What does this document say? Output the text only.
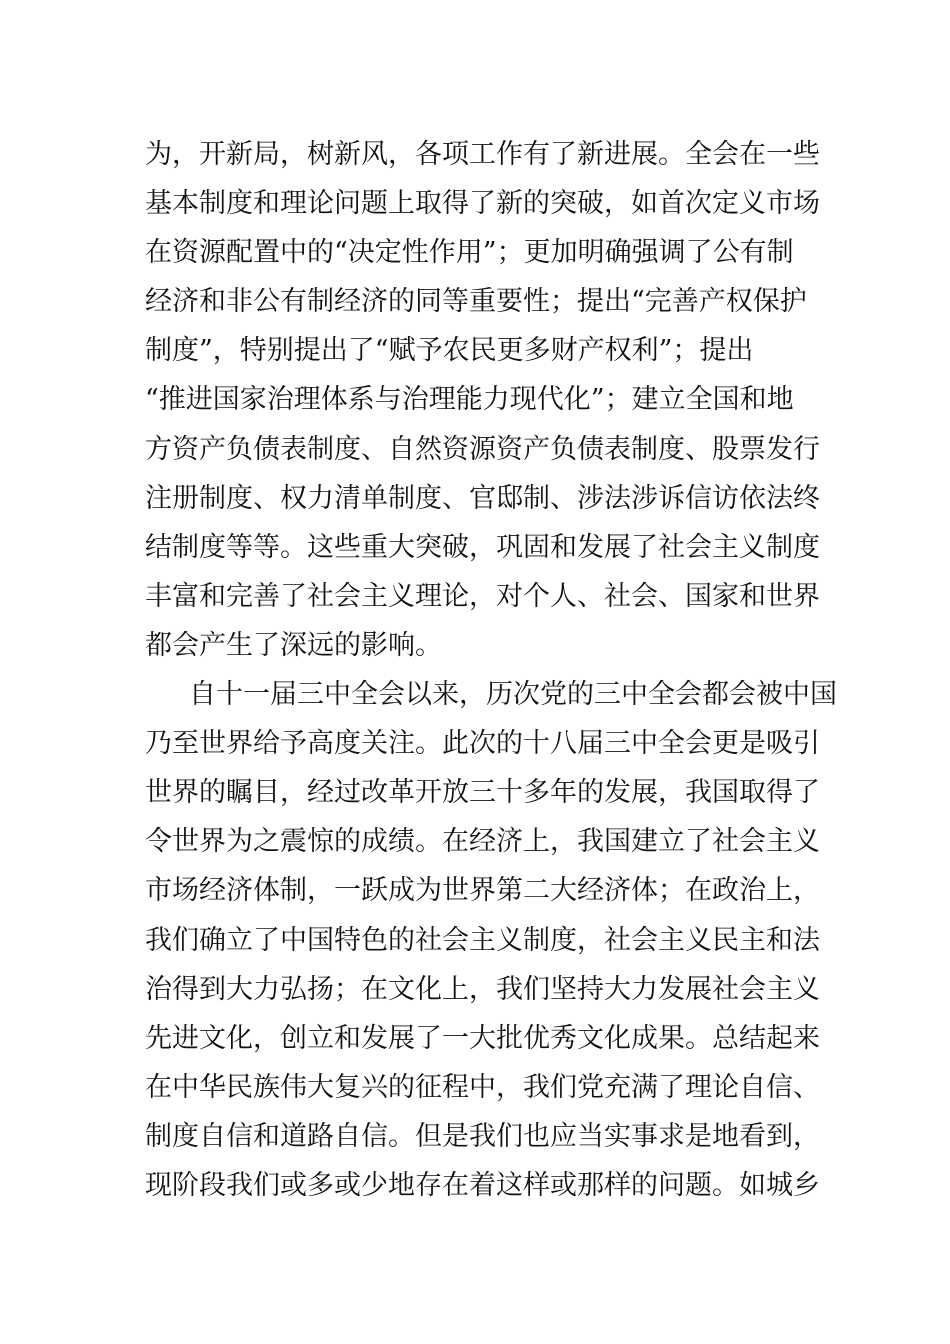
为，开新局，树新风，各项工作有了新进展。全会在一些

基本制度和理论问题上取得了新的突破，如首次定义市场

在资源配置中的“决定性作用”；更加明确强调了公有制

经济和非公有制经济的同等重要性；提出“完善产权保护

制度”，特别提出了“赋予农民更多财产权利”；提出

“推进国家治理体系与治理能力现代化”；建立全国和地

方资产负债表制度、自然资源资产负债表制度、股票发行

注册制度、权力清单制度、官邸制、涉法涉诉信访依法终

结制度等等。这些重大突破，巩固和发展了社会主义制度

丰富和完善了社会主义理论，对个人、社会、国家和世界

都会产生了深远的影响。

自十一届三中全会以来，历次党的三中全会都会被中国

乃至世界给予高度关注。此次的十八届三中全会更是吸引

世界的瞩目，经过改革开放三十多年的发展，我国取得了

令世界为之震惊的成绩。在经济上，我国建立了社会主义

市场经济体制，一跃成为世界第二大经济体；在政治上，

我们确立了中国特色的社会主义制度，社会主义民主和法

治得到大力弘扬；在文化上，我们坚持大力发展社会主义

先进文化，创立和发展了一大批优秀文化成果。总结起来

在中华民族伟大复兴的征程中，我们党充满了理论自信、

制度自信和道路自信。但是我们也应当实事求是地看到，

现阶段我们或多或少地存在着这样或那样的问题。如城乡
